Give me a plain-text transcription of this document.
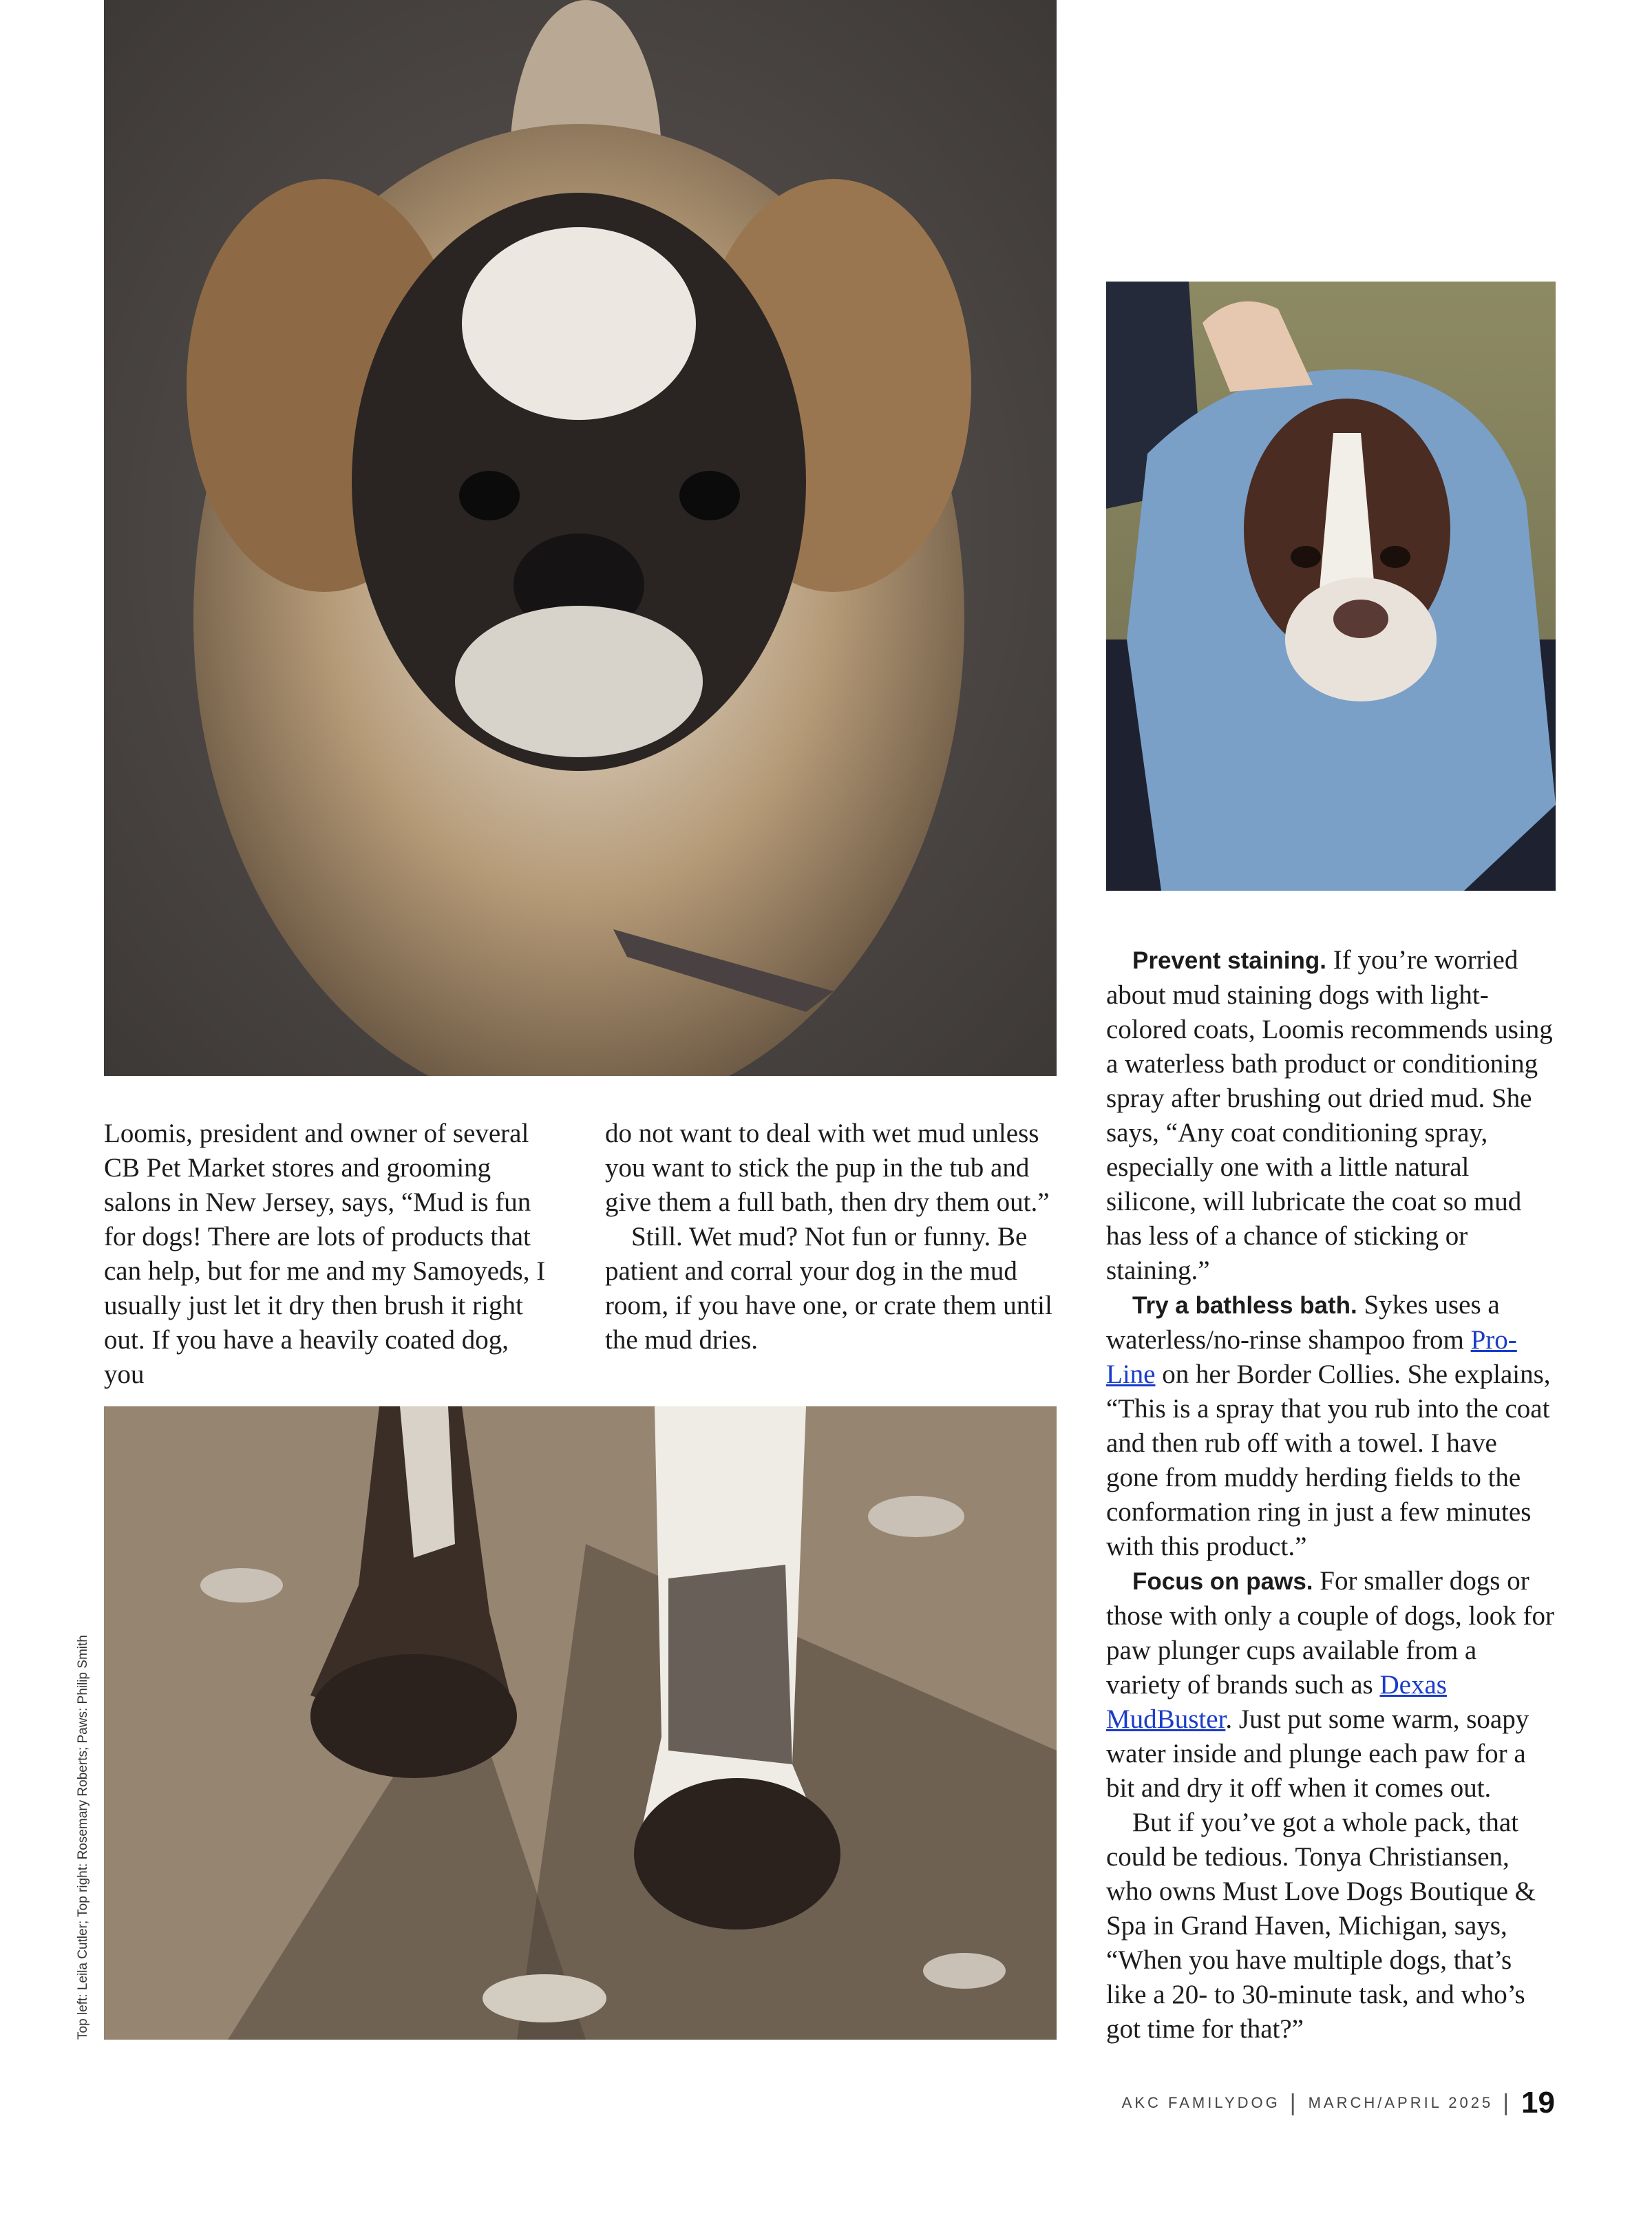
Top left: Leila Cutler; Top right: Rosemary Roberts; Paws: Philip Smith

Loomis, president and owner of several CB Pet Market stores and grooming salons in New Jersey, says, “Mud is fun for dogs! There are lots of products that can help, but for me and my Samoyeds, I usually just let it dry then brush it right out. If you have a heavily coated dog, you

do not want to deal with wet mud unless you want to stick the pup in the tub and give them a full bath, then dry them out.”

Still. Wet mud? Not fun or funny. Be patient and corral your dog in the mud room, if you have one, or crate them until the mud dries.

Prevent staining. If you’re worried about mud staining dogs with light-colored coats, Loomis recommends using a waterless bath product or conditioning spray after brushing out dried mud. She says, “Any coat conditioning spray, especially one with a little natural silicone, will lubricate the coat so mud has less of a chance of sticking or staining.”

Try a bathless bath. Sykes uses a waterless/no-rinse shampoo from Pro-Line on her Border Collies. She explains, “This is a spray that you rub into the coat and then rub off with a towel. I have gone from muddy herding fields to the conformation ring in just a few minutes with this product.”

Focus on paws. For smaller dogs or those with only a couple of dogs, look for paw plunger cups available from a variety of brands such as Dexas MudBuster. Just put some warm, soapy water inside and plunge each paw for a bit and dry it off when it comes out.

But if you’ve got a whole pack, that could be tedious. Tonya Christiansen, who owns Must Love Dogs Boutique & Spa in Grand Haven, Michigan, says, “When you have multiple dogs, that’s like a 20- to 30-minute task, and who’s got time for that?”

AKC FAMILYDOG | MARCH/APRIL 2025 | 19
